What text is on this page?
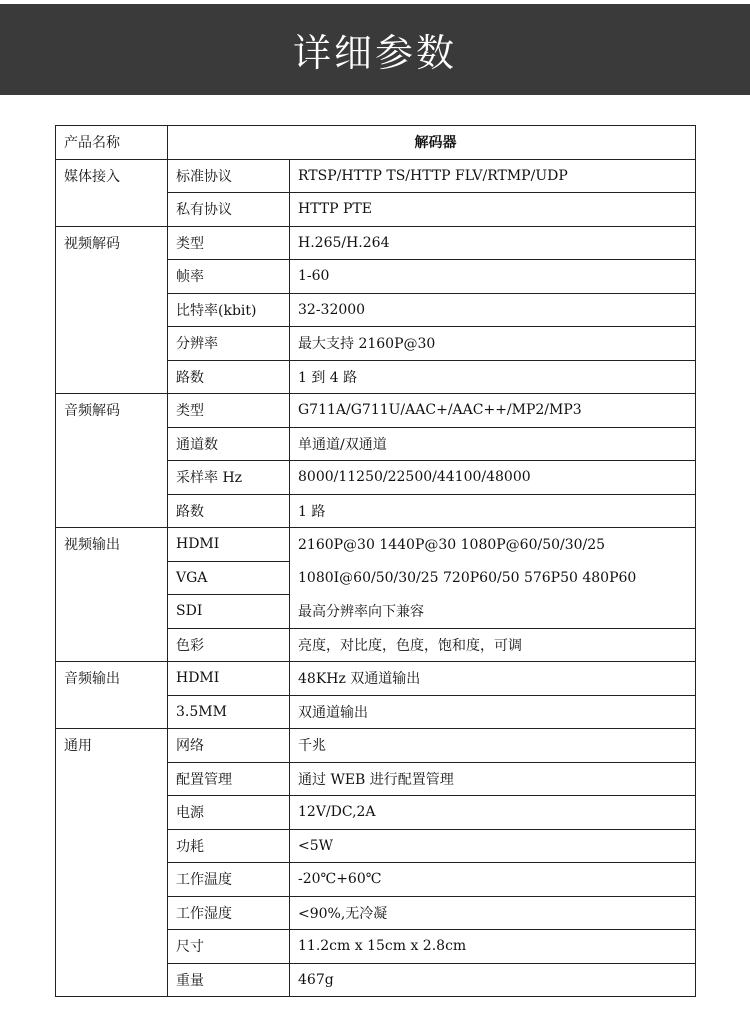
详细参数
产品名称	解码器	
媒体接入	标准协议	RTSP/HTTP TS/HTTP FLV/RTMP/UDP
	私有协议	HTTP PTE
视频解码	类型	H.265/H.264
	帧率	1-60
	比特率(kbit)	32-32000
	分辨率	最大支持 2160P@30
	路数	1 到 4 路
音频解码	类型	G711A/G711U/AAC+/AAC++/MP2/MP3
	通道数	单通道/双通道
	采样率 Hz	8000/11250/22500/44100/48000
	路数	1 路
视频输出	HDMI	2160P@30 1440P@30 1080P@60/50/30/25
	VGA	1080I@60/50/30/25 720P60/50 576P50 480P60
	SDI	最高分辨率向下兼容
	色彩	亮度，对比度，色度，饱和度，可调
音频输出	HDMI	48KHz 双通道输出
	3.5MM	双通道输出
通用	网络	千兆
	配置管理	通过 WEB 进行配置管理
	电源	12V/DC,2A
	功耗	<5W
	工作温度	-20℃+60℃
	工作湿度	<90%,无冷凝
	尺寸	11.2cm x 15cm x 2.8cm
	重量	467g
